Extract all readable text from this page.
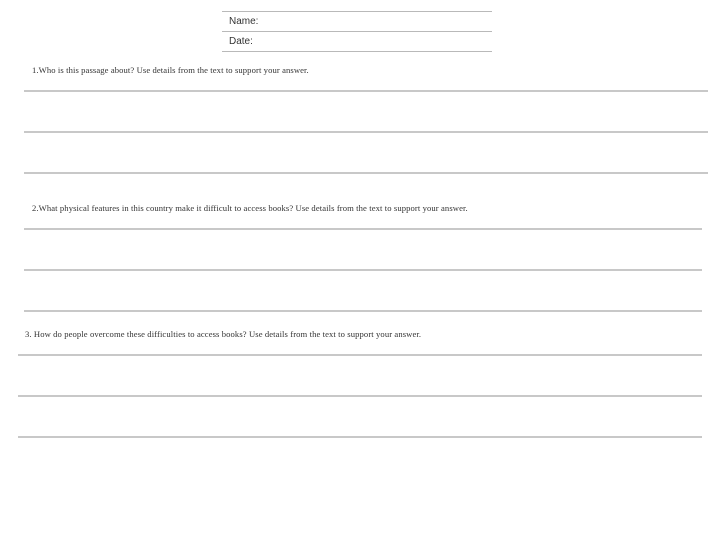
Name:
Date:
1.Who is this passage about? Use details from the text to support your answer.
2.What physical features in this country make it difficult to access books? Use details from the text to support your answer.
3. How do people overcome these difficulties to access books? Use details from the text to support your answer.
